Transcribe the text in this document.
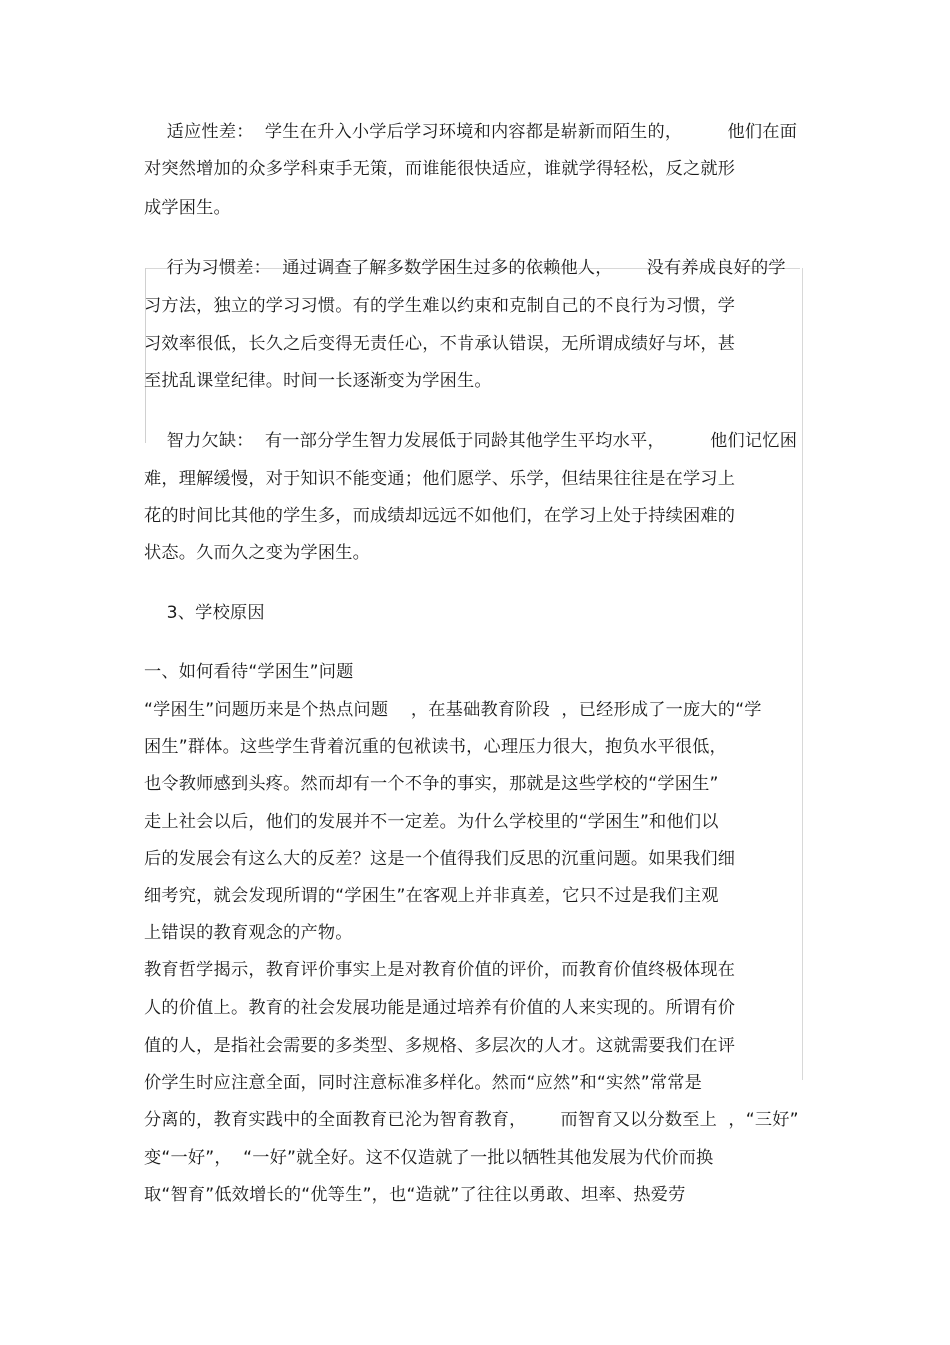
适应性差：  学生在升入小学后学习环境和内容都是崭新而陌生的，        他们在面
对突然增加的众多学科束手无策，而谁能很快适应，谁就学得轻松，反之就形
成学困生。
行为习惯差：  通过调查了解多数学困生过多的依赖他人，      没有养成良好的学
习方法，独立的学习习惯。有的学生难以约束和克制自己的不良行为习惯，学
习效率很低，长久之后变得无责任心，不肯承认错误，无所谓成绩好与坏，甚
至扰乱课堂纪律。时间一长逐渐变为学困生。
智力欠缺：  有一部分学生智力发展低于同龄其他学生平均水平，        他们记忆困
难，理解缓慢，对于知识不能变通；他们愿学、乐学，但结果往往是在学习上
花的时间比其他的学生多，而成绩却远远不如他们，在学习上处于持续困难的
状态。久而久之变为学困生。
3、学校原因
一、如何看待“学困生”问题
“学困生”问题历来是个热点问题    ，在基础教育阶段  ，已经形成了一庞大的“学
困生”群体。这些学生背着沉重的包袱读书，心理压力很大，抱负水平很低，
也令教师感到头疼。然而却有一个不争的事实，那就是这些学校的“学困生”
走上社会以后，他们的发展并不一定差。为什么学校里的“学困生”和他们以
后的发展会有这么大的反差？这是一个值得我们反思的沉重问题。如果我们细
细考究，就会发现所谓的“学困生”在客观上并非真差，它只不过是我们主观
上错误的教育观念的产物。
教育哲学揭示，教育评价事实上是对教育价值的评价，而教育价值终极体现在
人的价值上。教育的社会发展功能是通过培养有价值的人来实现的。所谓有价
值的人，是指社会需要的多类型、多规格、多层次的人才。这就需要我们在评
价学生时应注意全面，同时注意标准多样化。然而“应然”和“实然”常常是
分离的，教育实践中的全面教育已沦为智育教育，      而智育又以分数至上  ，“三好”
变“一好”，  “一好”就全好。这不仅造就了一批以牺牲其他发展为代价而换
取“智育”低效增长的“优等生”，也“造就”了往往以勇敢、坦率、热爱劳
